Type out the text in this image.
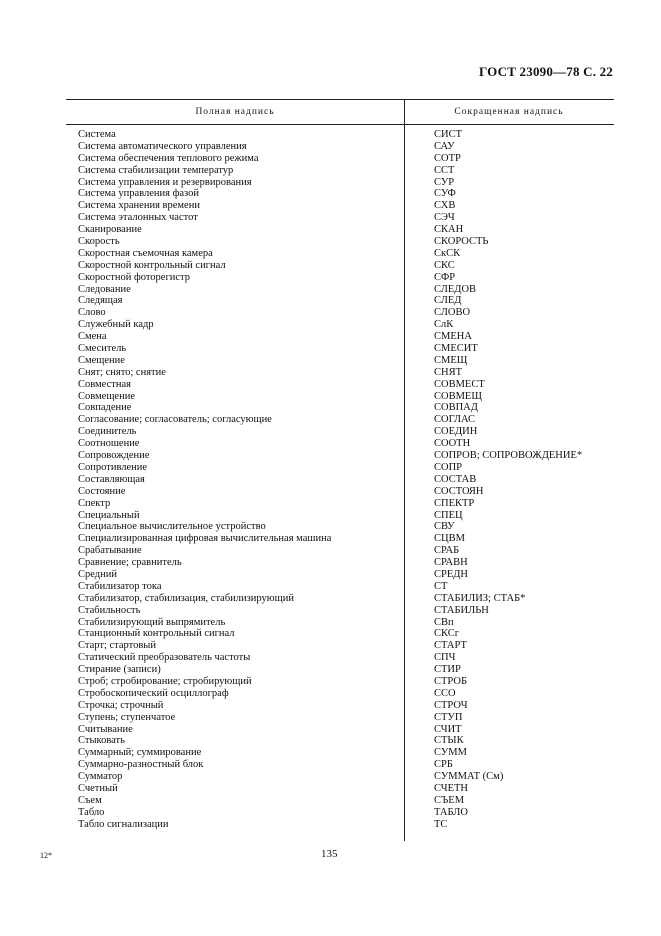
ГОСТ 23090—78 С. 22
Полная надпись	Сокращенная надпись
Система	СИСТ
Система автоматического управления	САУ
Система обеспечения теплового режима	СОТР
Система стабилизации температур	ССТ
Система управления и резервирования	СУР
Система управления фазой	СУФ
Система хранения времени	СХВ
Система эталонных частот	СЭЧ
Сканирование	СКАН
Скорость	СКОРОСТЬ
Скоростная съемочная камера	СкСК
Скоростной контрольный сигнал	СКС
Скоростной фоторегистр	СФР
Следование	СЛЕДОВ
Следящая	СЛЕД
Слово	СЛОВО
Служебный кадр	СлК
Смена	СМЕНА
Смеситель	СМЕСИТ
Смещение	СМЕЩ
Снят; снято; снятие	СНЯТ
Совместная	СОВМЕСТ
Совмещение	СОВМЕЩ
Совпадение	СОВПАД
Согласование; согласователь; согласующие	СОГЛАС
Соединитель	СОЕДИН
Соотношение	СООТН
Сопровождение	СОПРОВ; СОПРОВОЖДЕНИЕ*
Сопротивление	СОПР
Составляющая	СОСТАВ
Состояние	СОСТОЯН
Спектр	СПЕКТР
Специальный	СПЕЦ
Специальное вычислительное устройство	СВУ
Специализированная цифровая вычислительная машина	СЦВМ
Срабатывание	СРАБ
Сравнение; сравнитель	СРАВН
Средний	СРЕДН
Стабилизатор тока	СТ
Стабилизатор, стабилизация, стабилизирующий	СТАБИЛИЗ; СТАБ*
Стабильность	СТАБИЛЬН
Стабилизирующий выпрямитель	СВп
Станционный контрольный сигнал	СКСг
Старт; стартовый	СТАРТ
Статический преобразователь частоты	СПЧ
Стирание (записи)	СТИР
Строб; стробирование; стробирующий	СТРОБ
Стробоскопический осциллограф	ССО
Строчка; строчный	СТРОЧ
Ступень; ступенчатое	СТУП
Считывание	СЧИТ
Стыковать	СТЫК
Суммарный; суммирование	СУММ
Суммарно-разностный блок	СРБ
Сумматор	СУММАТ (См)
Счетный	СЧЕТН
Съем	СЪЕМ
Табло	ТАБЛО
Табло сигнализации	ТС
12*	135
